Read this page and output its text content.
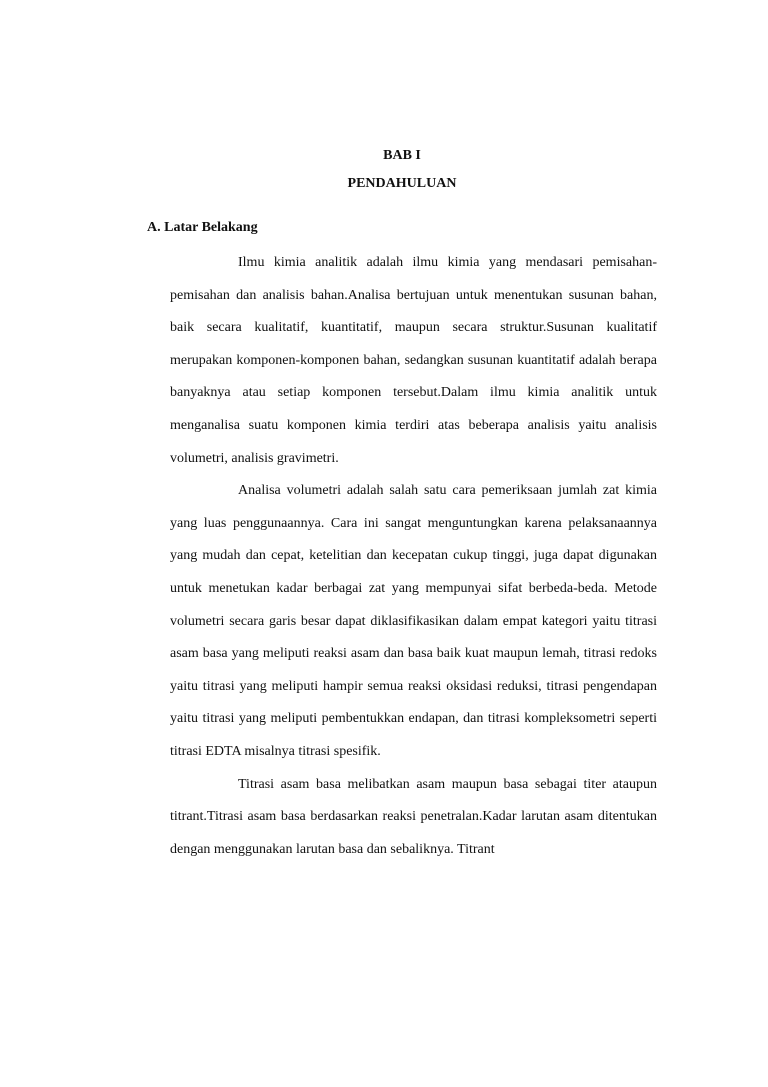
BAB I
PENDAHULUAN
A. Latar Belakang

Ilmu kimia analitik adalah ilmu kimia yang mendasari pemisahan-pemisahan dan analisis bahan.Analisa bertujuan untuk menentukan susunan bahan, baik secara kualitatif, kuantitatif, maupun secara struktur.Susunan kualitatif merupakan komponen-komponen bahan, sedangkan susunan kuantitatif adalah berapa banyaknya atau setiap komponen tersebut.Dalam ilmu kimia analitik untuk menganalisa suatu komponen kimia terdiri atas beberapa analisis yaitu analisis volumetri, analisis gravimetri.

Analisa volumetri adalah salah satu cara pemeriksaan jumlah zat kimia yang luas penggunaannya. Cara ini sangat menguntungkan karena pelaksanaannya yang mudah dan cepat, ketelitian dan kecepatan cukup tinggi, juga dapat digunakan untuk menetukan kadar berbagai zat yang mempunyai sifat berbeda-beda. Metode volumetri secara garis besar dapat diklasifikasikan dalam empat kategori yaitu titrasi asam basa yang meliputi reaksi asam dan basa baik kuat maupun lemah, titrasi redoks yaitu titrasi yang meliputi hampir semua reaksi oksidasi reduksi, titrasi pengendapan yaitu titrasi yang meliputi pembentukkan endapan, dan titrasi kompleksometri seperti titrasi EDTA misalnya titrasi spesifik.

Titrasi asam basa melibatkan asam maupun basa sebagai titer ataupun titrant.Titrasi asam basa berdasarkan reaksi penetralan.Kadar larutan asam ditentukan dengan menggunakan larutan basa dan sebaliknya. Titrant
